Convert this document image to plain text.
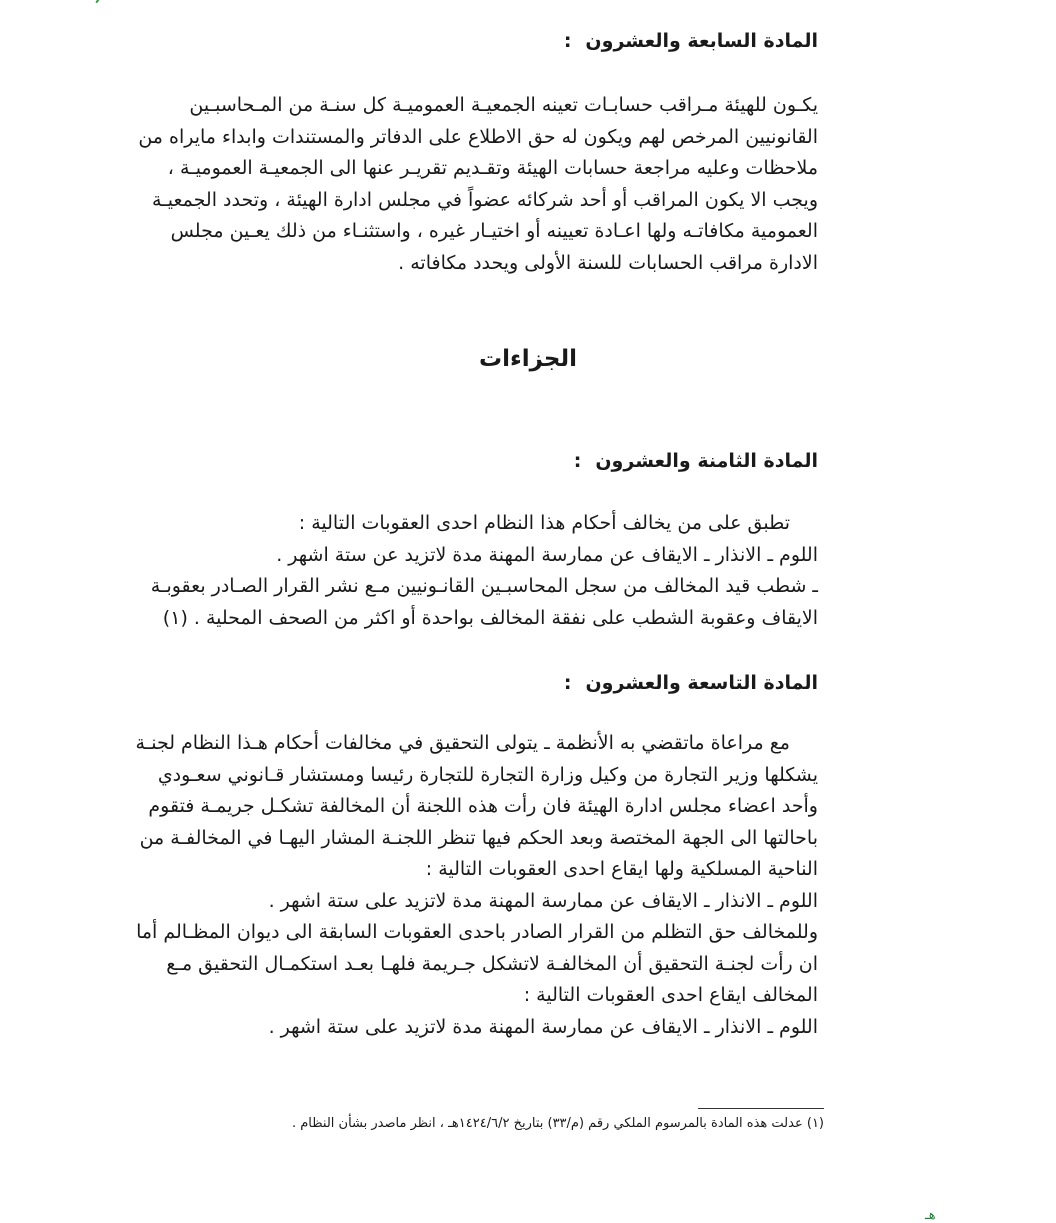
المادة السابعة والعشرون:

يكـون للهيئة مـراقب حسابـات تعينه الجمعيـة العموميـة كل سنـة من المـحاسبـين

القانونيين المرخص لهم ويكون له حق الاطلاع على الدفاتر والمستندات وابداء مايراه من

ملاحظات وعليه مراجعة حسابات الهيئة وتقـديم تقريـر عنها الى الجمعيـة العموميـة ،

ويجب الا يكون المراقب أو أحد شركائه عضواً في مجلس ادارة الهيئة ، وتحدد الجمعيـة

العمومية مكافاتـه ولها اعـادة تعيينه أو اختيـار غيره ، واستثنـاء من ذلك يعـين مجلس

الادارة مراقب الحسابات للسنة الأولى ويحدد مكافاته .

الجزاءات
المادة الثامنة والعشرون:

تطبق على من يخالف أحكام هذا النظام احدى العقوبات التالية :

اللوم ـ الانذار ـ الايقاف عن ممارسة المهنة مدة لاتزيد عن ستة اشهر .

ـ شطب قيد المخالف من سجل المحاسبـين القانـونيين مـع نشر القرار الصـادر بعقوبـة

الايقاف وعقوبة الشطب على نفقة المخالف بواحدة أو اكثر من الصحف المحلية . (١)

المادة التاسعة والعشرون:

مع مراعاة ماتقضي به الأنظمة ـ يتولى التحقيق في مخالفات أحكام هـذا النظام لجنـة

يشكلها وزير التجارة من وكيل وزارة التجارة للتجارة رئيسا ومستشار قـانوني سعـودي

وأحد اعضاء مجلس ادارة الهيئة فان رأت هذه اللجنة أن المخالفة تشكـل جريمـة فتقوم

باحالتها الى الجهة المختصة وبعد الحكم فيها تنظر اللجنـة المشار اليهـا في المخالفـة من

الناحية المسلكية ولها ايقاع احدى العقوبات التالية :

اللوم ـ الانذار ـ الايقاف عن ممارسة المهنة مدة لاتزيد على ستة اشهر .

وللمخالف حق التظلم من القرار الصادر باحدى العقوبات السابقة الى ديوان المظـالم أما

ان رأت لجنـة التحقيق أن المخالفـة لاتشكل جـريمة فلهـا بعـد استكمـال التحقيق مـع

المخالف ايقاع احدى العقوبات التالية :

اللوم ـ الانذار ـ الايقاف عن ممارسة المهنة مدة لاتزيد على ستة اشهر .

(١) عدلت هذه المادة بالمرسوم الملكي رقم (م/٣٣) بتاريخ ١٤٢٤/٦/٢هـ ، انظر ماصدر بشأن النظام .
هـ
